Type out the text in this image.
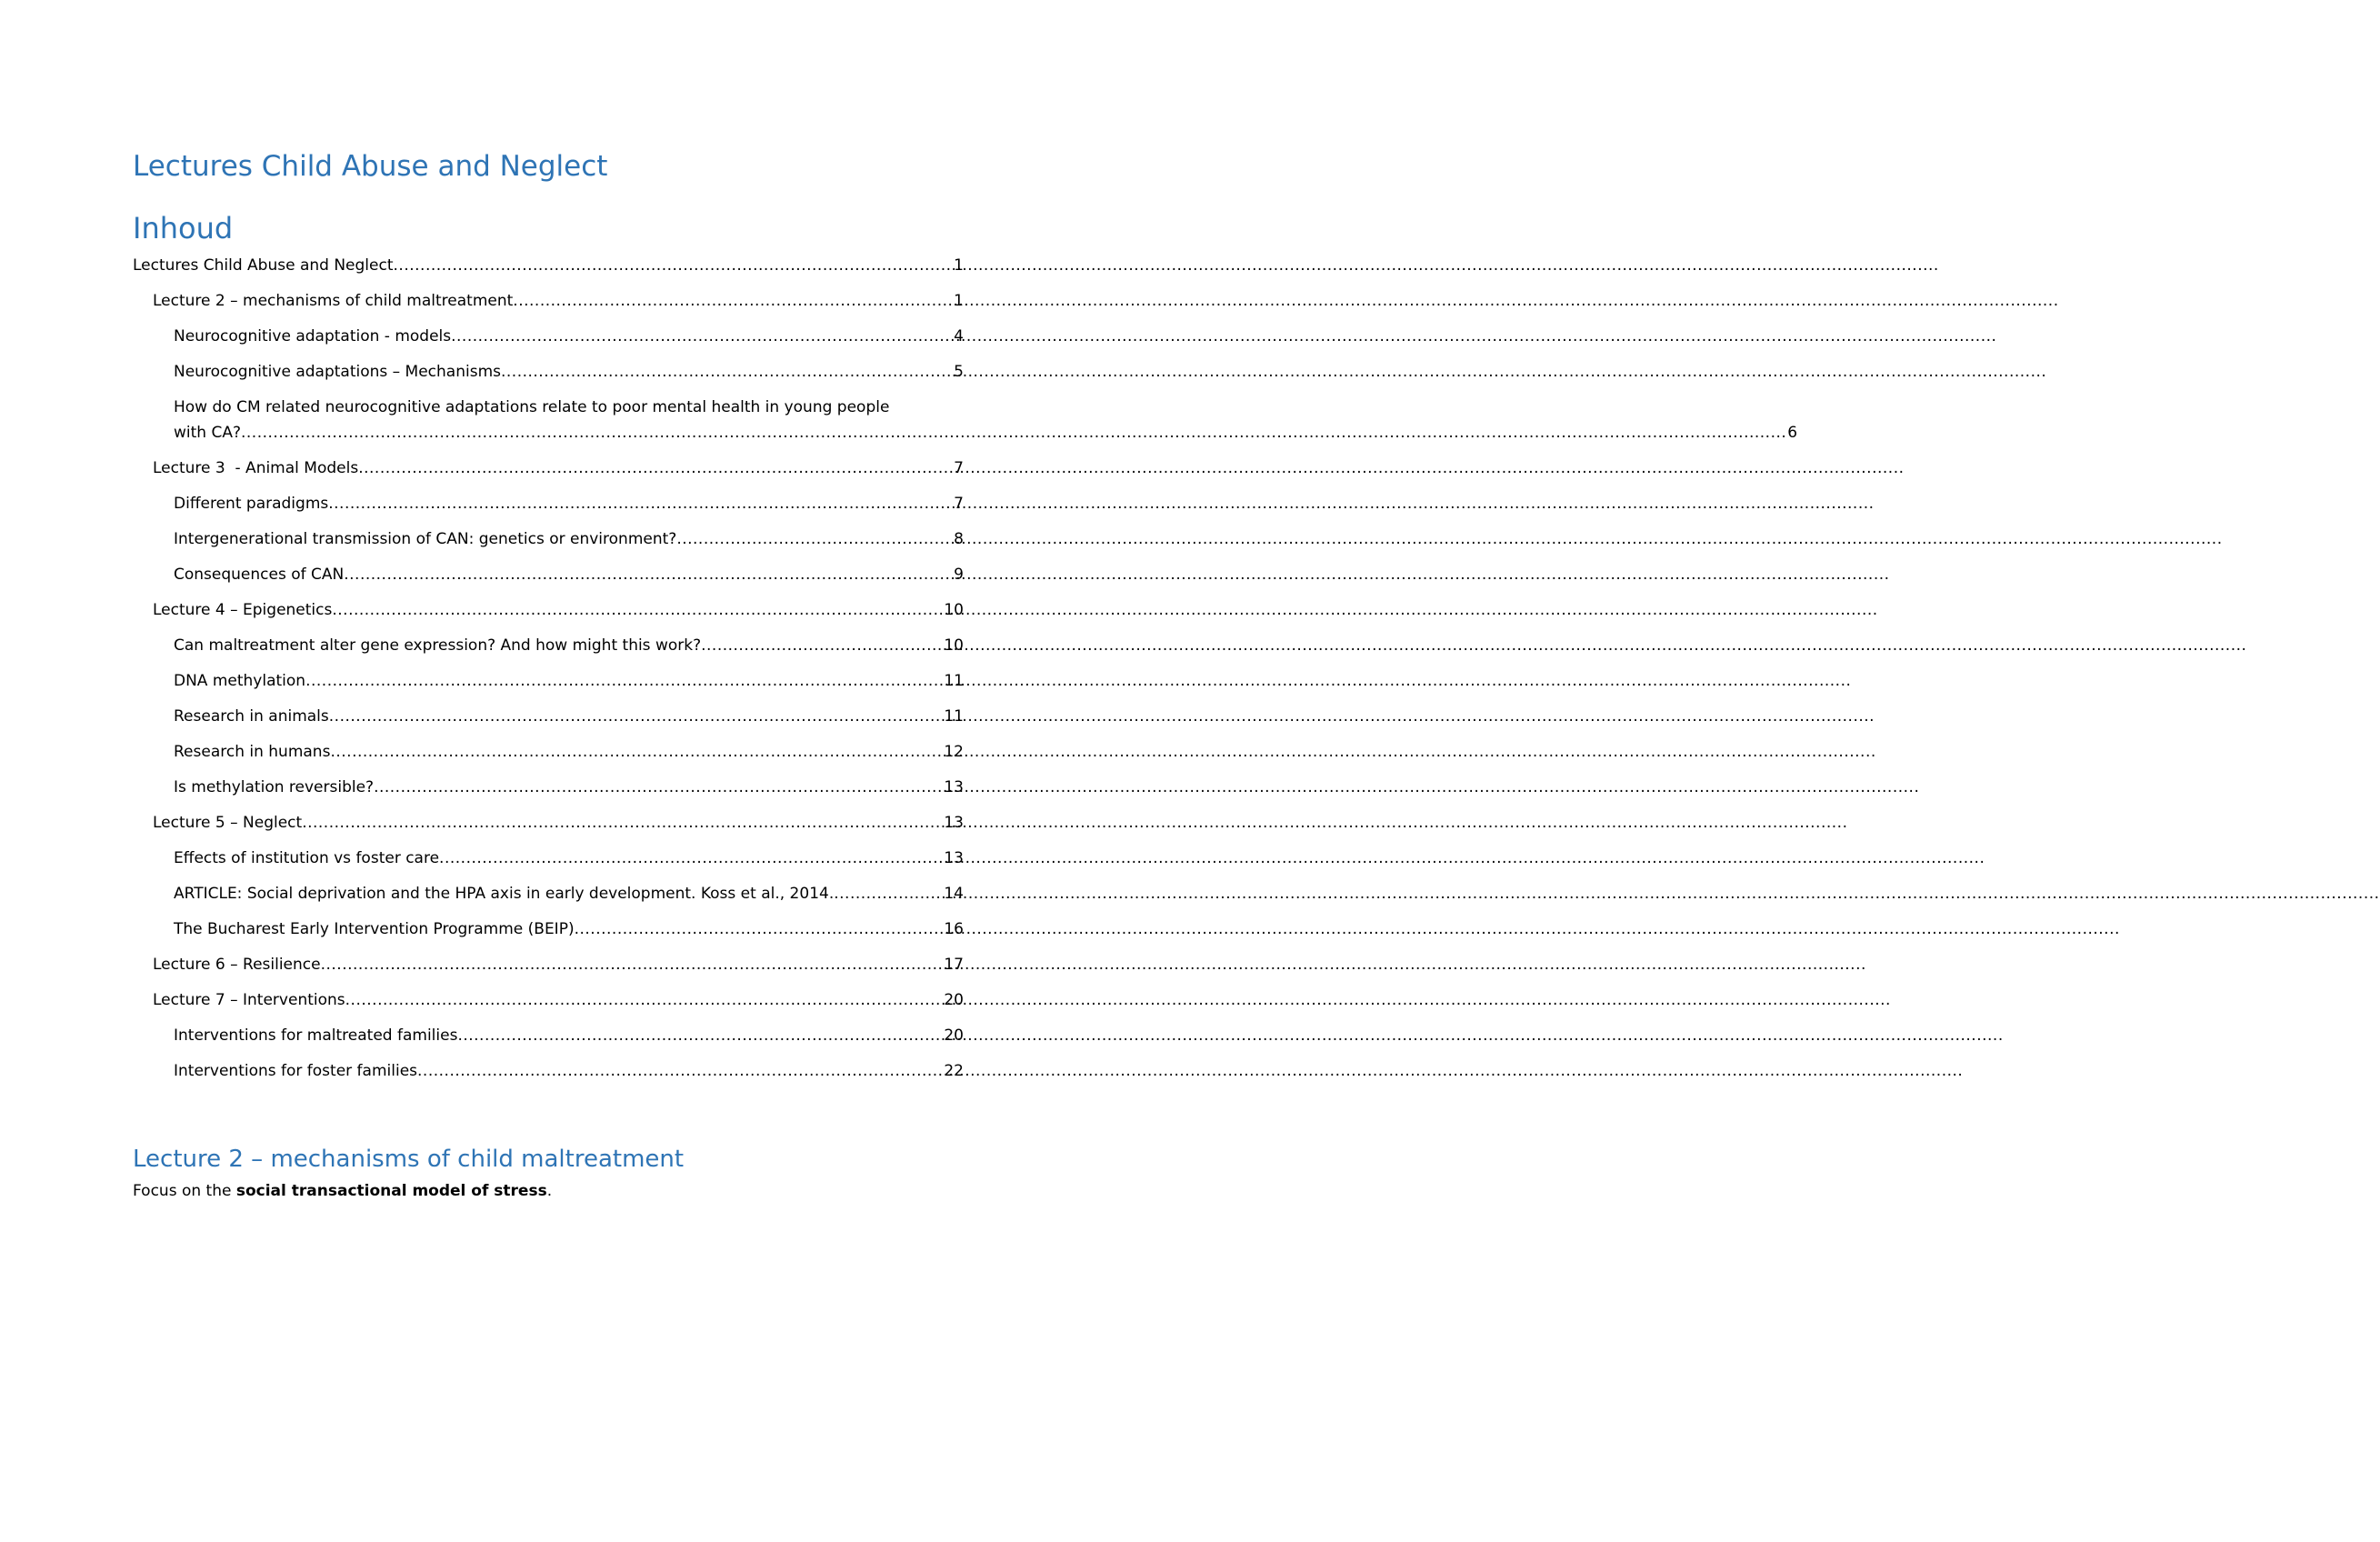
Lectures Child Abuse and Neglect
Inhoud
Lectures Child Abuse and Neglect .....	1
Lecture 2 – mechanisms of child maltreatment .....	1
Neurocognitive adaptation - models .....	4
Neurocognitive adaptations – Mechanisms .....	5
How do CM related neurocognitive adaptations relate to poor mental health in young people
with CA? .....	6
Lecture 3  - Animal Models .....	7
Different paradigms .....	7
Intergenerational transmission of CAN: genetics or environment? .....	8
Consequences of CAN .....	9
Lecture 4 – Epigenetics .....	10
Can maltreatment alter gene expression? And how might this work? .....	10
DNA methylation .....	11
Research in animals .....	11
Research in humans .....	12
Is methylation reversible? .....	13
Lecture 5 – Neglect .....	13
Effects of institution vs foster care .....	13
ARTICLE: Social deprivation and the HPA axis in early development. Koss et al., 2014. .....	14
The Bucharest Early Intervention Programme (BEIP) .....	16
Lecture 6 – Resilience .....	17
Lecture 7 – Interventions .....	20
Interventions for maltreated families .....	20
Interventions for foster families .....	22
Lecture 2 – mechanisms of child maltreatment

Focus on the social transactional model of stress.
